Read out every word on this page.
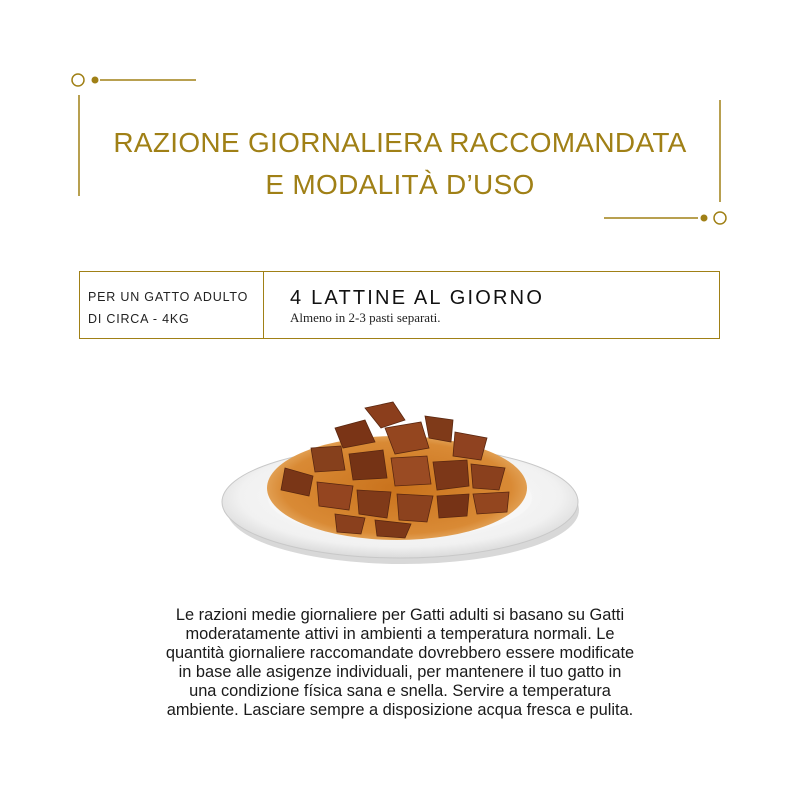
RAZIONE GIORNALIERA RACCOMANDATA
E MODALITÀ D’USO
PER UN GATTO ADULTO
DI CIRCA - 4KG
4 LATTINE AL GIORNO
Almeno in 2-3 pasti separati.
Le razioni medie giornaliere per Gatti adulti si basano su Gatti
moderatamente attivi in ambienti a temperatura normali. Le
quantità giornaliere raccomandate dovrebbero essere modificate
in base alle asigenze individuali, per mantenere il tuo gatto in
una condizione física sana e snella. Servire a temperatura
ambiente. Lasciare sempre a disposizione acqua fresca e pulita.
